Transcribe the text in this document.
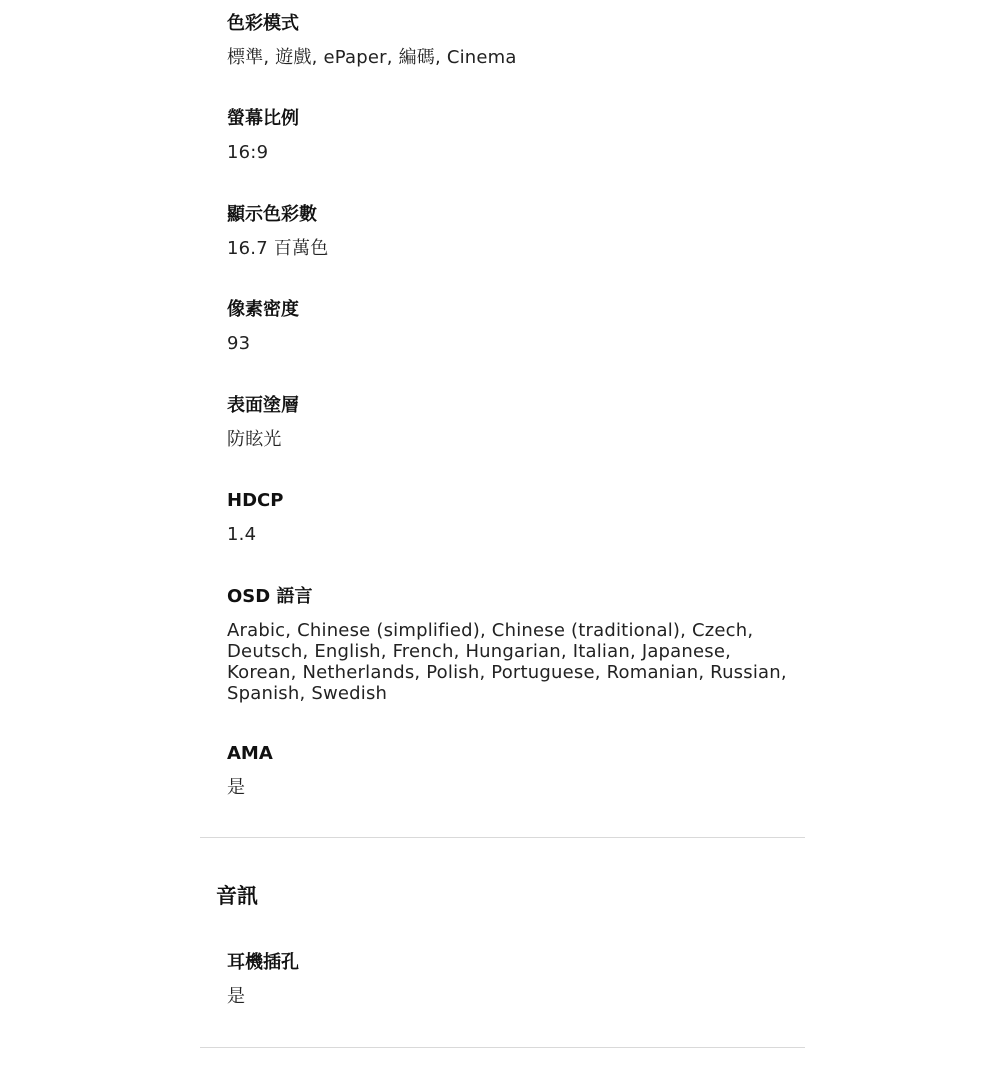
色彩模式
標準, 遊戲, ePaper, 編碼, Cinema
螢幕比例
16:9
顯示色彩數
16.7 百萬色
像素密度
93
表面塗層
防眩光
HDCP
1.4
OSD 語言
Arabic, Chinese (simplified), Chinese (traditional), Czech,
Deutsch, English, French, Hungarian, Italian, Japanese,
Korean, Netherlands, Polish, Portuguese, Romanian, Russian,
Spanish, Swedish
AMA
是
音訊
耳機插孔
是
